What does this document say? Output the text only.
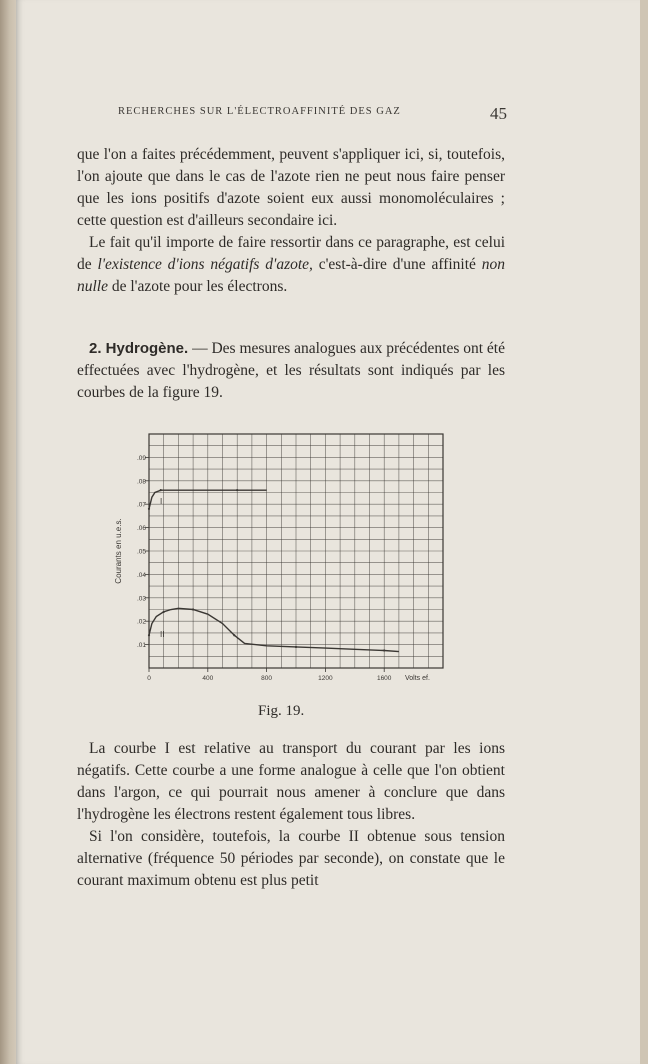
RECHERCHES SUR L'ÉLECTROAFFINITÉ DES GAZ	45

que l'on a faites précédemment, peuvent s'appliquer ici, si, toutefois, l'on ajoute que dans le cas de l'azote rien ne peut nous faire penser que les ions positifs d'azote soient eux aussi monomoléculaires ; cette question est d'ailleurs secondaire ici.

Le fait qu'il importe de faire ressortir dans ce paragraphe, est celui de l'existence d'ions négatifs d'azote, c'est-à-dire d'une affinité non nulle de l'azote pour les électrons.

2. Hydrogène. — Des mesures analogues aux précédentes ont été effectuées avec l'hydrogène, et les résultats sont indiqués par les courbes de la figure 19.

.01
.02
.03
.04
.05
.06
.07
.08
.09
0	400	800	1200	1600
I
II
Courants en u.e.s.
Volts ef.
Fig. 19.

La courbe I est relative au transport du courant par les ions négatifs. Cette courbe a une forme analogue à celle que l'on obtient dans l'argon, ce qui pourrait nous amener à conclure que dans l'hydrogène les électrons restent également tous libres.

Si l'on considère, toutefois, la courbe II obtenue sous tension alternative (fréquence 50 périodes par seconde), on constate que le courant maximum obtenu est plus petit
